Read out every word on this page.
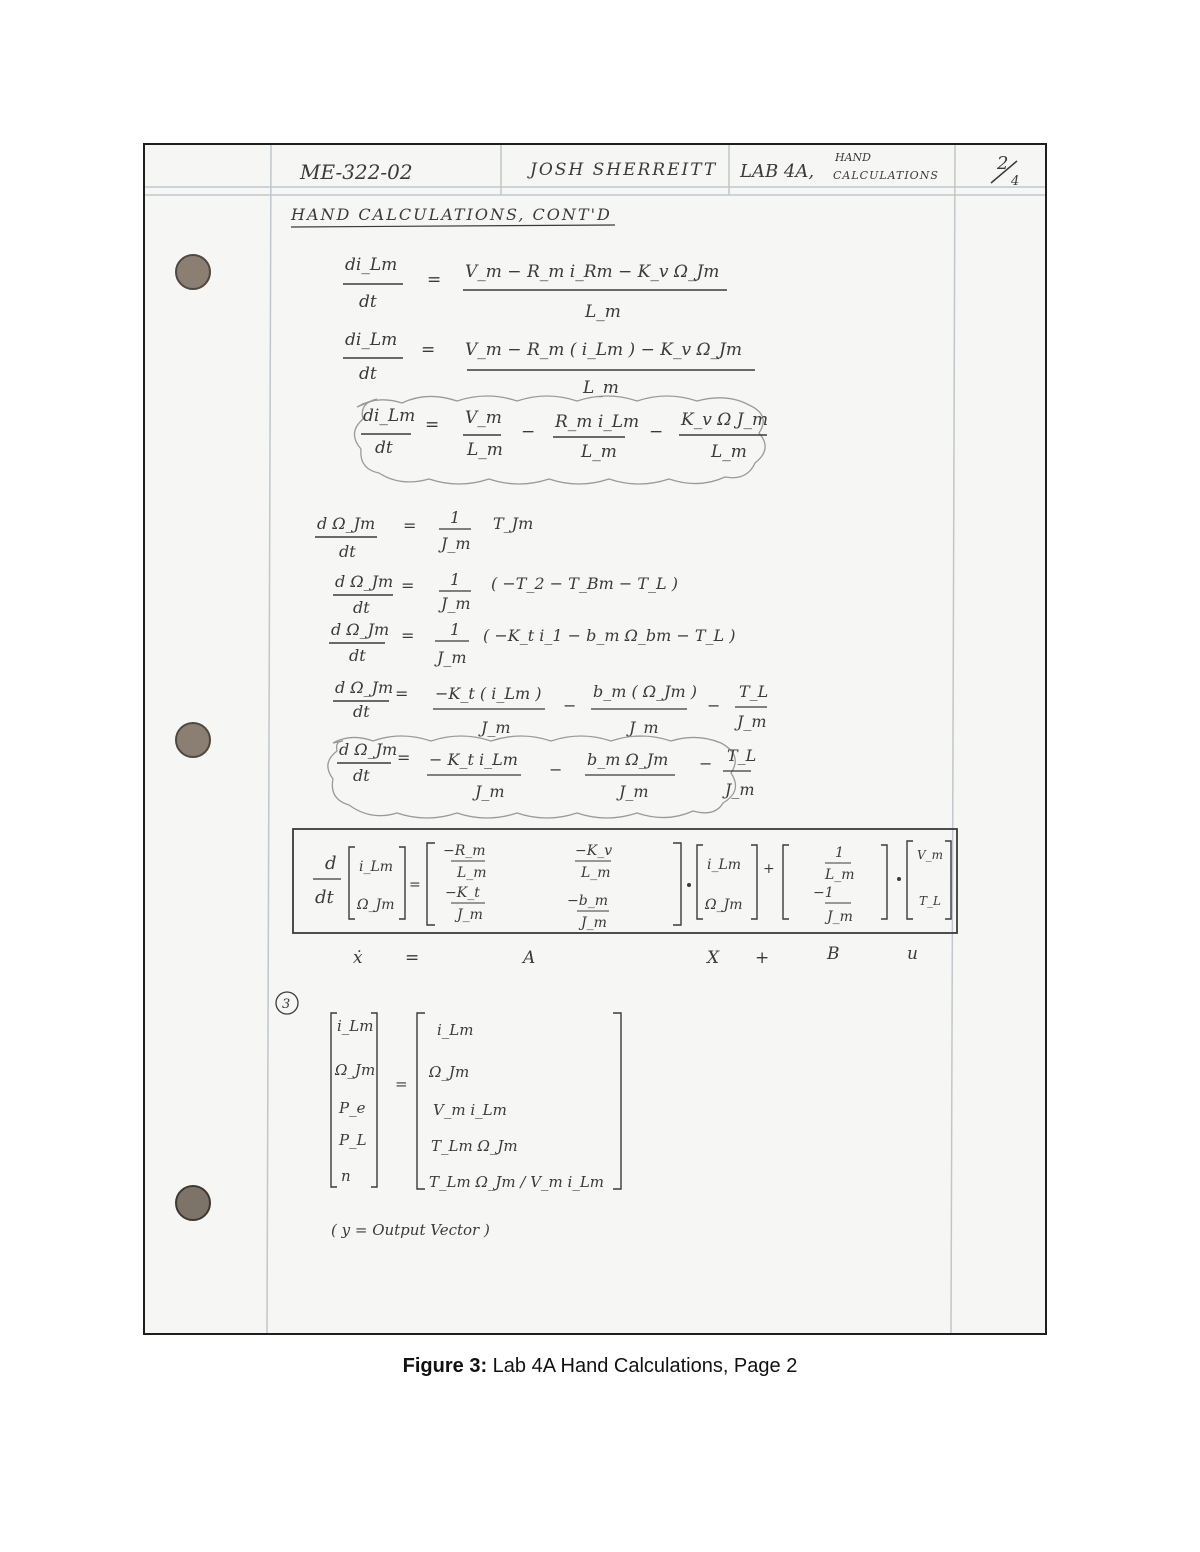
ME-322-02	JOSH SHERREITT LAB 4A,
HAND
CALCULATIONS
2
4
HAND CALCULATIONS, CONT'D
di_Lm
dt
= V_m − R_m i_Rm − K_v Ω_Jm
L_m
di_Lm
dt
= V_m − R_m ( i_Lm ) − K_v Ω_Jm
L_m
di_Lm
dt
= V_m
L_m
− R_m i_Lm
L_m
−
K_v Ω J_m
L_m
d Ω_Jm
dt
= 1
J_m
T_Jm
d Ω_Jm
dt
= 1
J_m
( −T_2 − T_Bm − T_L )
d Ω_Jm
dt
= 1
J_m
( −K_t i_1 − b_m Ω_bm − T_L )
d Ω_Jm
dt
= −K_t ( i_Lm )
J_m
−
b_m ( Ω_Jm )
J_m
−
T_L
J_m
d Ω_Jm
dt
= − K_t i_Lm
J_m
−
b_m Ω_Jm
J_m
− T_L
J_m
d
dt
i_Lm
Ω_Jm
=
−R_m
L_m
−K_v
L_m
−K_t
J_m
−b_m
J_m
i_Lm
Ω_Jm
+
1
L_m
−1
J_m
V_m
T_L
ẋ =	A	X +	B	u
3
i_Lm
Ω_Jm
P_e
P_L
n
=
i_Lm
Ω_Jm
V_m i_Lm
T_Lm Ω_Jm
T_Lm Ω_Jm / V_m i_Lm
( y = Output Vector )
Figure 3: Lab 4A Hand Calculations, Page 2
